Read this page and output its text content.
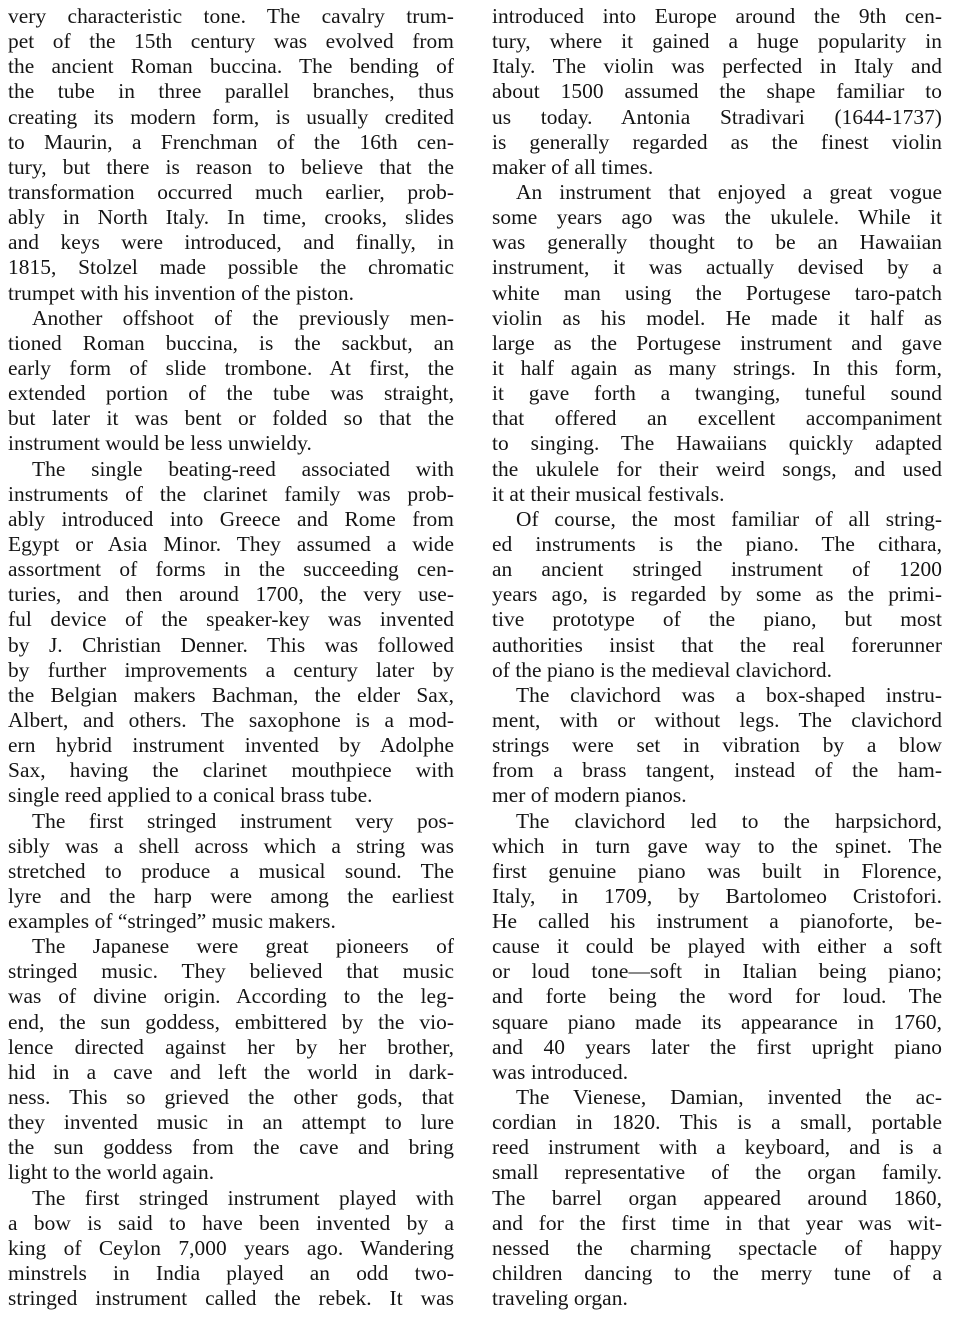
very characteristic tone. The cavalry trum-
pet of the 15th century was evolved from
the ancient Roman buccina. The bending of
the tube in three parallel branches, thus
creating its modern form, is usually credited
to Maurin, a Frenchman of the 16th cen-
tury, but there is reason to believe that the
transformation occurred much earlier, prob-
ably in North Italy. In time, crooks, slides
and keys were introduced, and finally, in
1815, Stolzel made possible the chromatic
trumpet with his invention of the piston.
Another offshoot of the previously men-
tioned Roman buccina, is the sackbut, an
early form of slide trombone. At first, the
extended portion of the tube was straight,
but later it was bent or folded so that the
instrument would be less unwieldy.
The single beating-reed associated with
instruments of the clarinet family was prob-
ably introduced into Greece and Rome from
Egypt or Asia Minor. They assumed a wide
assortment of forms in the succeeding cen-
turies, and then around 1700, the very use-
ful device of the speaker-key was invented
by J. Christian Denner. This was followed
by further improvements a century later by
the Belgian makers Bachman, the elder Sax,
Albert, and others. The saxophone is a mod-
ern hybrid instrument invented by Adolphe
Sax, having the clarinet mouthpiece with
single reed applied to a conical brass tube.
The first stringed instrument very pos-
sibly was a shell across which a string was
stretched to produce a musical sound. The
lyre and the harp were among the earliest
examples of “stringed” music makers.
The Japanese were great pioneers of
stringed music. They believed that music
was of divine origin. According to the leg-
end, the sun goddess, embittered by the vio-
lence directed against her by her brother,
hid in a cave and left the world in dark-
ness. This so grieved the other gods, that
they invented music in an attempt to lure
the sun goddess from the cave and bring
light to the world again.
The first stringed instrument played with
a bow is said to have been invented by a
king of Ceylon 7,000 years ago. Wandering
minstrels in India played an odd two-
stringed instrument called the rebek. It was
introduced into Europe around the 9th cen-
tury, where it gained a huge popularity in
Italy. The violin was perfected in Italy and
about 1500 assumed the shape familiar to
us today. Antonia Stradivari (1644-1737)
is generally regarded as the finest violin
maker of all times.
An instrument that enjoyed a great vogue
some years ago was the ukulele. While it
was generally thought to be an Hawaiian
instrument, it was actually devised by a
white man using the Portugese taro-patch
violin as his model. He made it half as
large as the Portugese instrument and gave
it half again as many strings. In this form,
it gave forth a twanging, tuneful sound
that offered an excellent accompaniment
to singing. The Hawaiians quickly adapted
the ukulele for their weird songs, and used
it at their musical festivals.
Of course, the most familiar of all string-
ed instruments is the piano. The cithara,
an ancient stringed instrument of 1200
years ago, is regarded by some as the primi-
tive prototype of the piano, but most
authorities insist that the real forerunner
of the piano is the medieval clavichord.
The clavichord was a box-shaped instru-
ment, with or without legs. The clavichord
strings were set in vibration by a blow
from a brass tangent, instead of the ham-
mer of modern pianos.
The clavichord led to the harpsichord,
which in turn gave way to the spinet. The
first genuine piano was built in Florence,
Italy, in 1709, by Bartolomeo Cristofori.
He called his instrument a pianoforte, be-
cause it could be played with either a soft
or loud tone—soft in Italian being piano;
and forte being the word for loud. The
square piano made its appearance in 1760,
and 40 years later the first upright piano
was introduced.
The Vienese, Damian, invented the ac-
cordian in 1820. This is a small, portable
reed instrument with a keyboard, and is a
small representative of the organ family.
The barrel organ appeared around 1860,
and for the first time in that year was wit-
nessed the charming spectacle of happy
children dancing to the merry tune of a
traveling organ.
